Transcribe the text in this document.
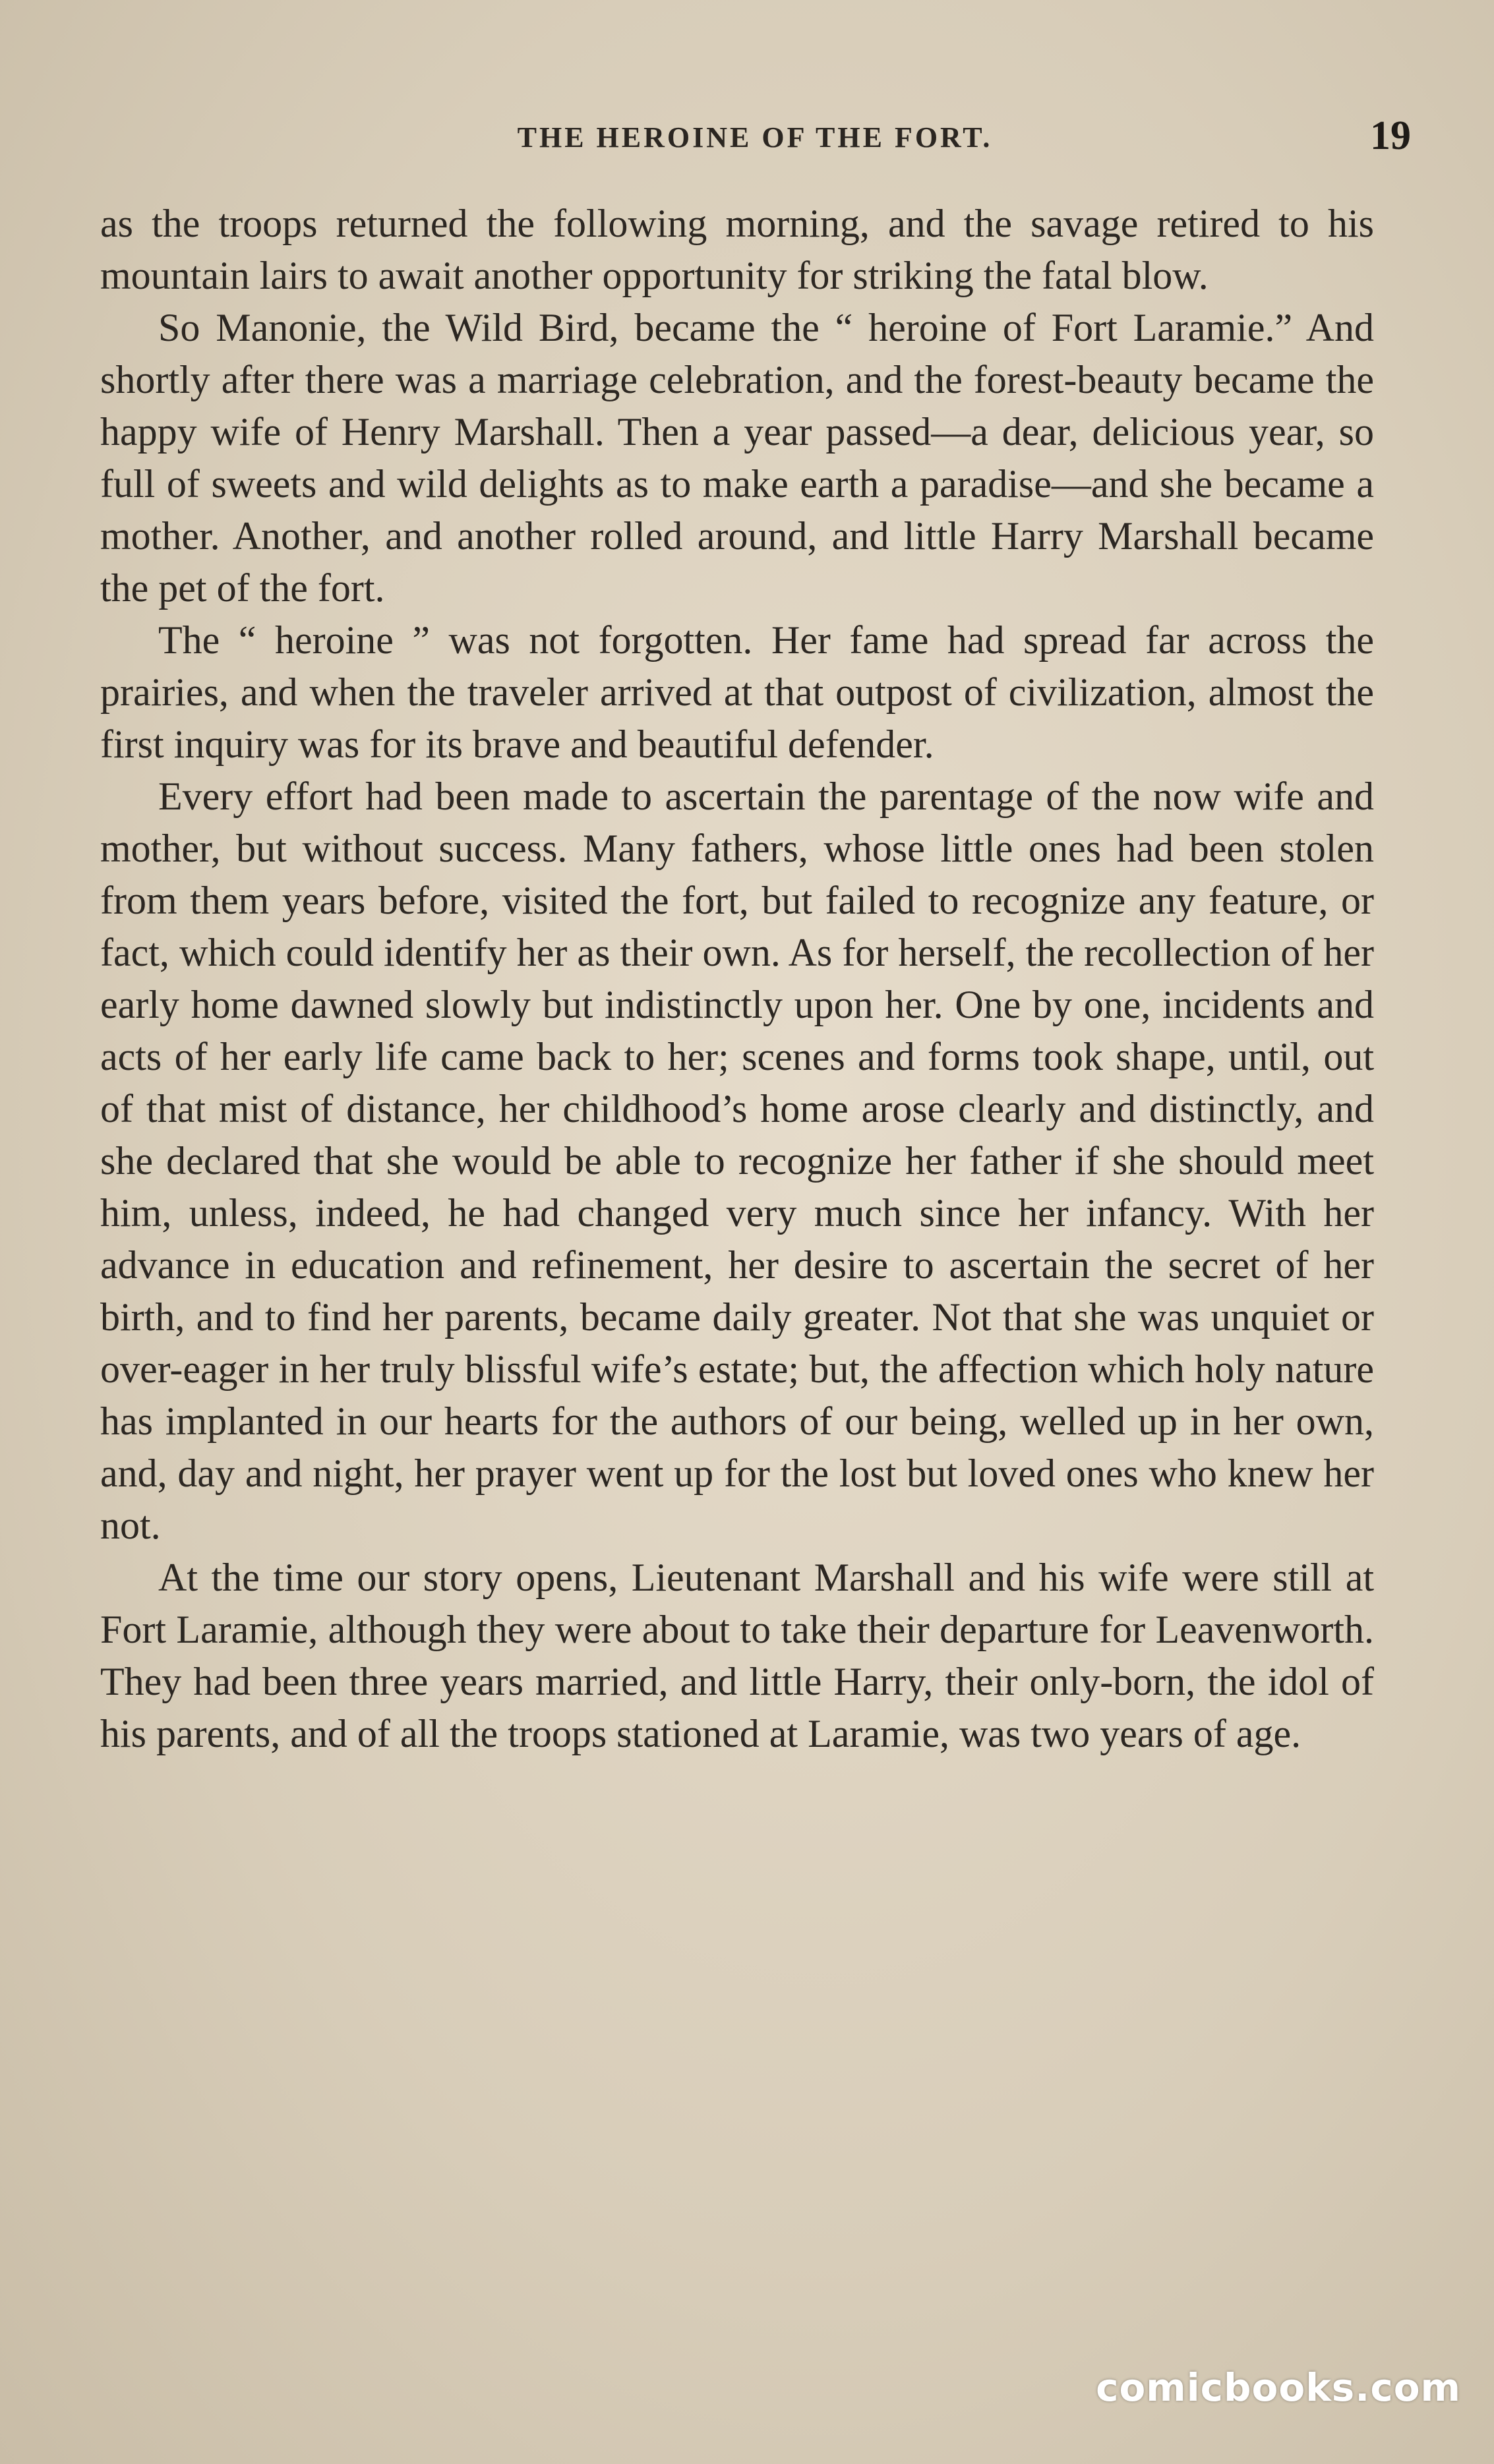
THE HEROINE OF THE FORT.	19

as the troops returned the following morning, and the savage retired to his mountain lairs to await another opportunity for striking the fatal blow.

So Manonie, the Wild Bird, became the “ heroine of Fort Laramie.” And shortly after there was a marriage celebration, and the forest-beauty became the happy wife of Henry Marshall. Then a year passed—a dear, delicious year, so full of sweets and wild delights as to make earth a paradise—and she became a mother. Another, and another rolled around, and little Harry Marshall became the pet of the fort.

The “ heroine ” was not forgotten. Her fame had spread far across the prairies, and when the traveler arrived at that outpost of civilization, almost the first inquiry was for its brave and beautiful defender.

Every effort had been made to ascertain the parentage of the now wife and mother, but without success. Many fathers, whose little ones had been stolen from them years before, visited the fort, but failed to recognize any feature, or fact, which could identify her as their own. As for herself, the recollection of her early home dawned slowly but indistinctly upon her. One by one, incidents and acts of her early life came back to her; scenes and forms took shape, until, out of that mist of distance, her childhood’s home arose clearly and distinctly, and she declared that she would be able to recognize her father if she should meet him, unless, indeed, he had changed very much since her infancy. With her advance in education and refinement, her desire to ascertain the secret of her birth, and to find her parents, became daily greater. Not that she was unquiet or over-eager in her truly blissful wife’s estate; but, the affection which holy nature has implanted in our hearts for the authors of our being, welled up in her own, and, day and night, her prayer went up for the lost but loved ones who knew her not.

At the time our story opens, Lieutenant Marshall and his wife were still at Fort Laramie, although they were about to take their departure for Leavenworth. They had been three years married, and little Harry, their only-born, the idol of his parents, and of all the troops stationed at Laramie, was two years of age.

comicbooks.com
